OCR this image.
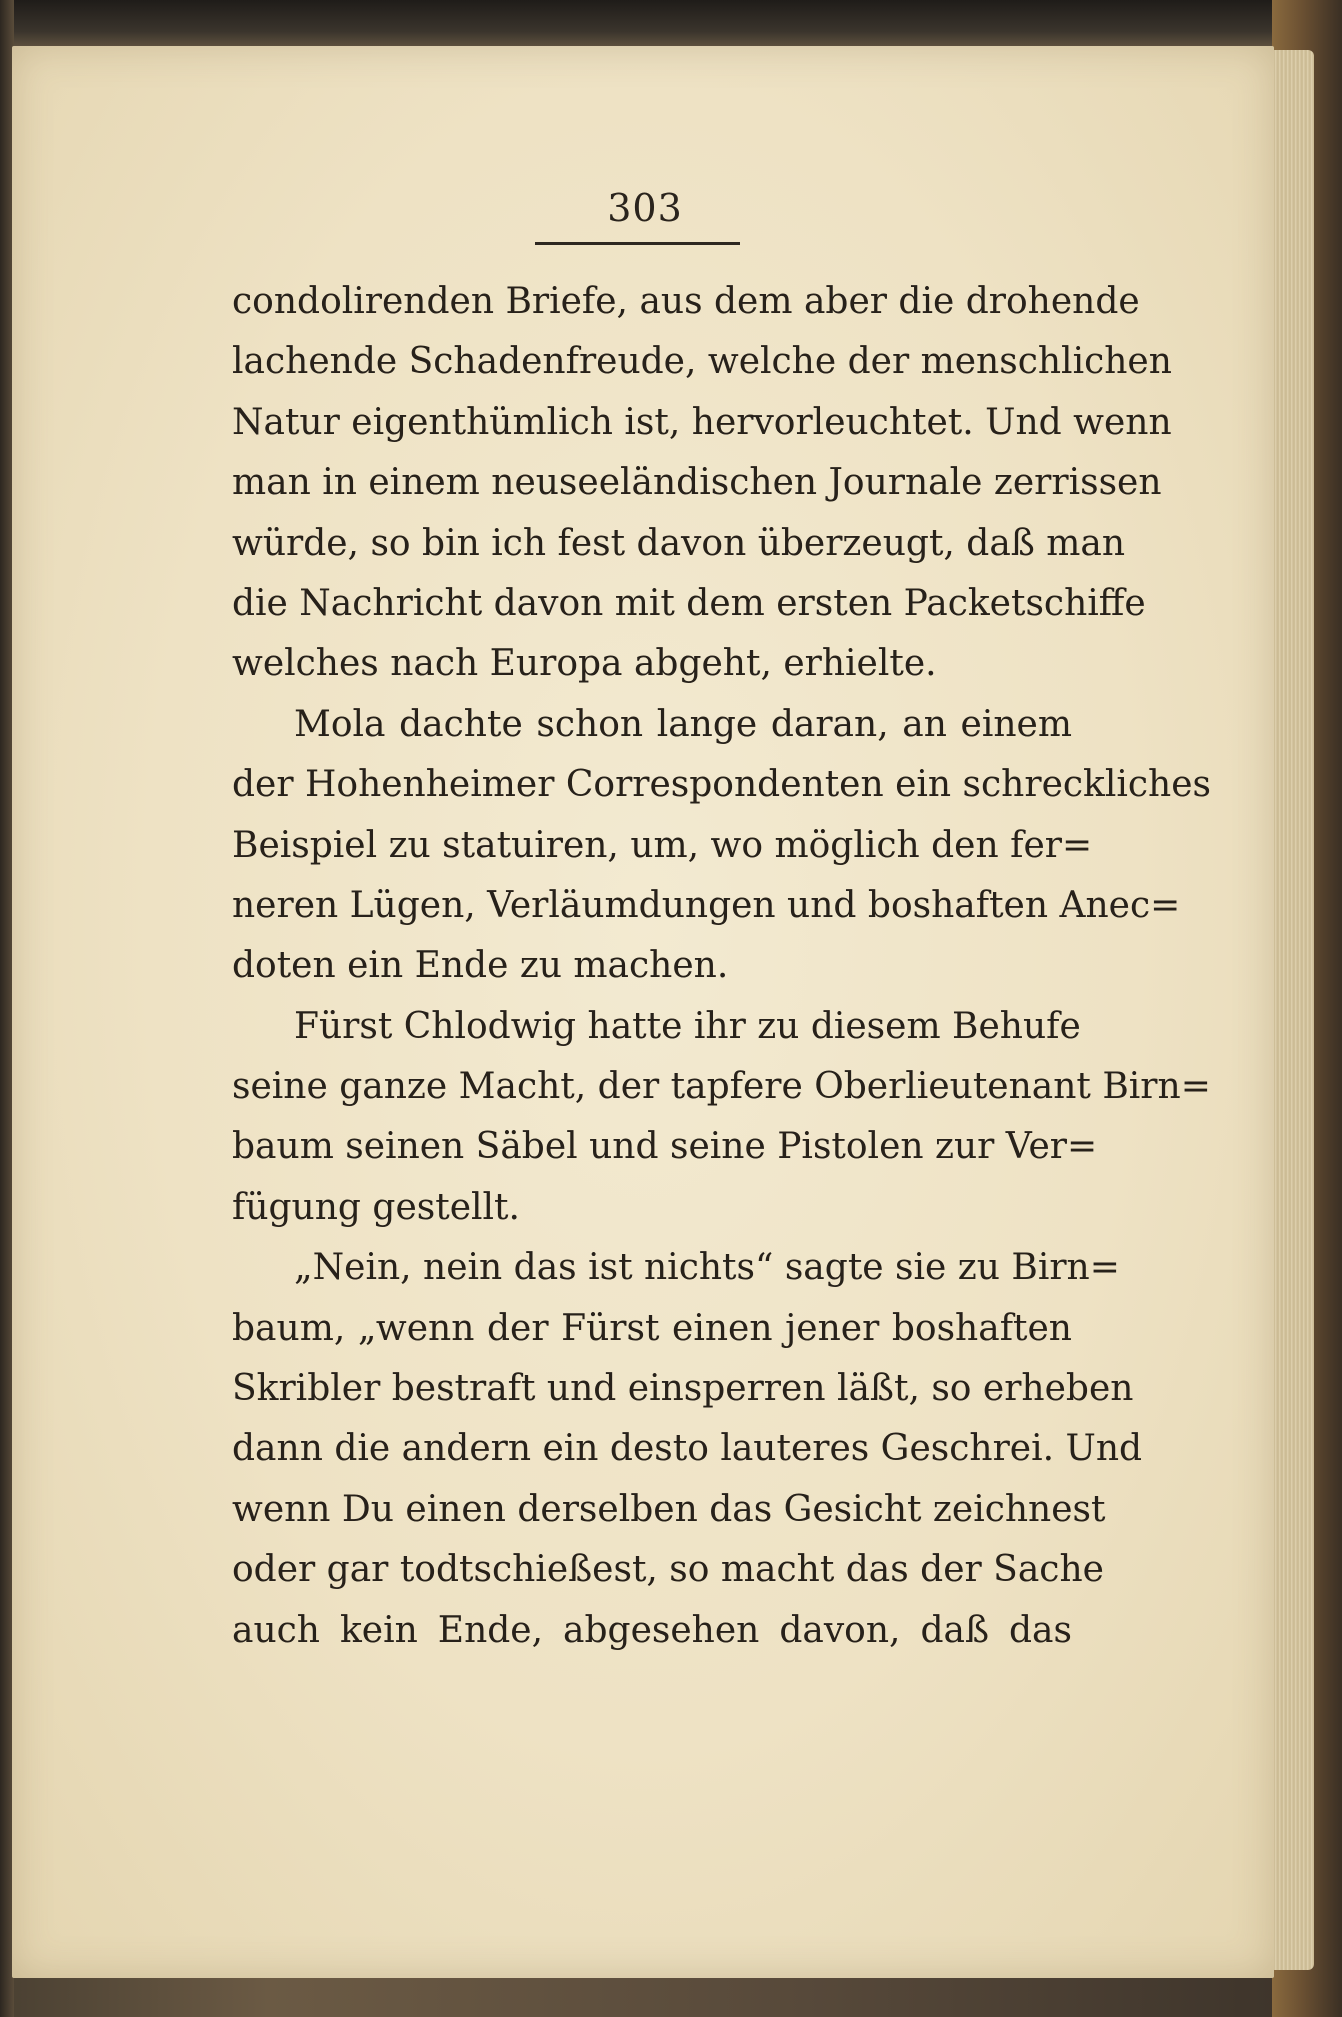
303
condolirenden Briefe, aus dem aber die drohende
lachende Schadenfreude, welche der menschlichen
Natur eigenthümlich ist, hervorleuchtet. Und wenn
man in einem neuseeländischen Journale zerrissen
würde, so bin ich fest davon überzeugt, daß man
die Nachricht davon mit dem ersten Packetschiffe
welches nach Europa abgeht, erhielte.
Mola dachte schon lange daran, an einem
der Hohenheimer Correspondenten ein schreckliches
Beispiel zu statuiren, um, wo möglich den fer=
neren Lügen, Verläumdungen und boshaften Anec=
doten ein Ende zu machen.
Fürst Chlodwig hatte ihr zu diesem Behufe
seine ganze Macht, der tapfere Oberlieutenant Birn=
baum seinen Säbel und seine Pistolen zur Ver=
fügung gestellt.
„Nein, nein das ist nichts“ sagte sie zu Birn=
baum, „wenn der Fürst einen jener boshaften
Skribler bestraft und einsperren läßt, so erheben
dann die andern ein desto lauteres Geschrei. Und
wenn Du einen derselben das Gesicht zeichnest
oder gar todtschießest, so macht das der Sache
auch kein Ende, abgesehen davon, daß das
